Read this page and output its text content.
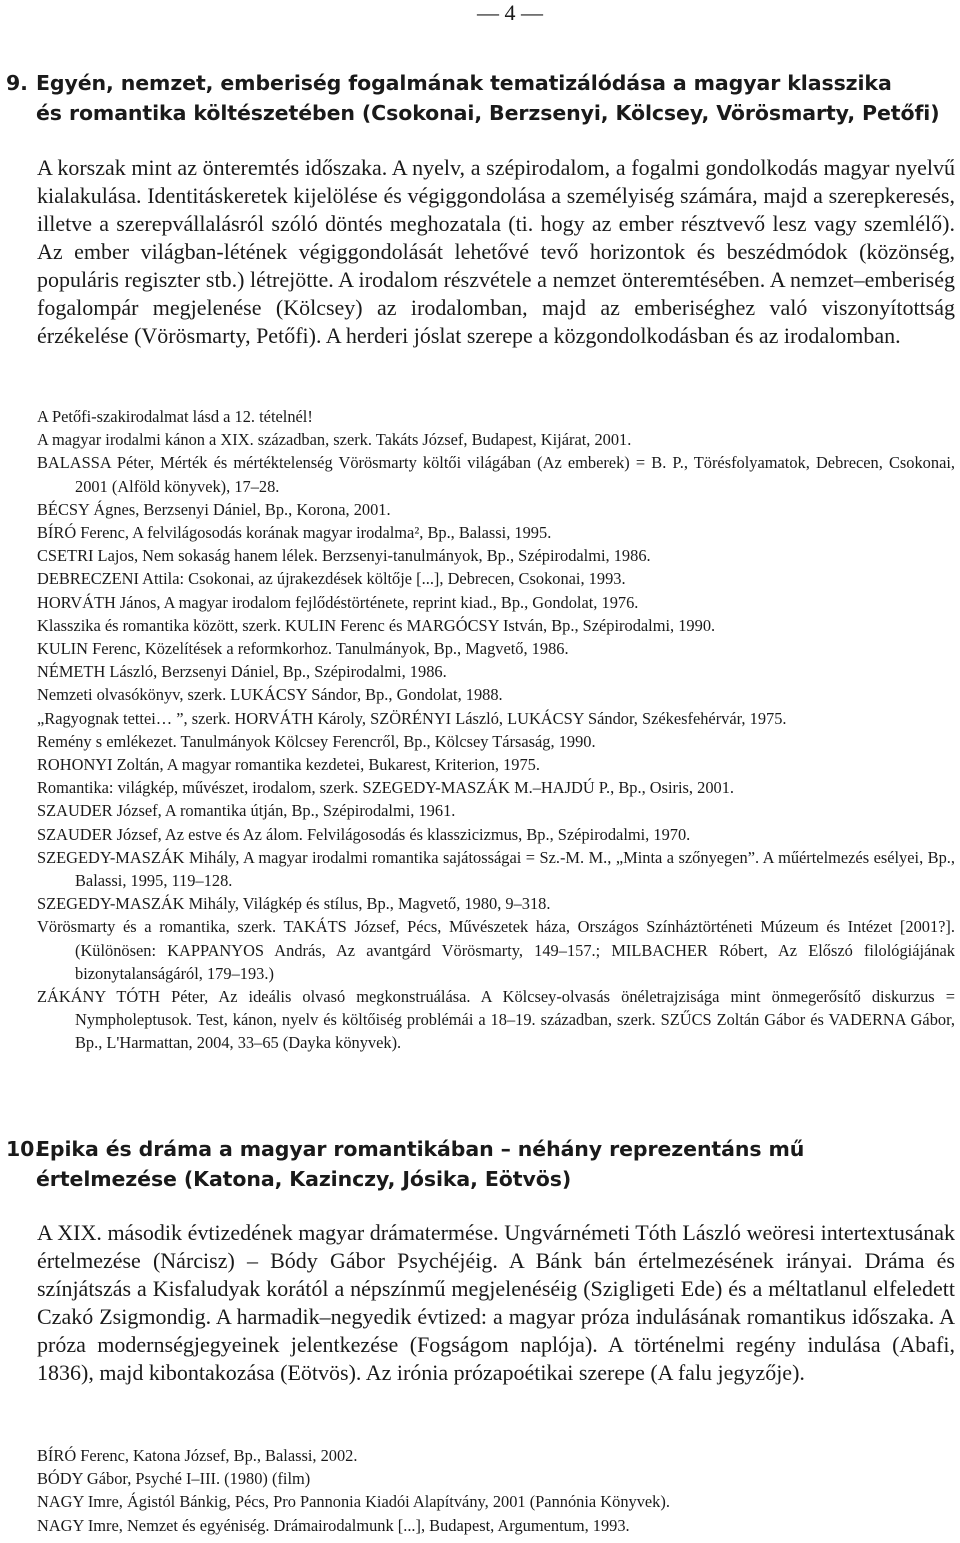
— 4 —
9. Egyén, nemzet, emberiség fogalmának tematizálódása a magyar klasszika
és romantika költészetében (Csokonai, Berzsenyi, Kölcsey, Vörösmarty, Petőfi)
A korszak mint az önteremtés időszaka. A nyelv, a szépirodalom, a fogalmi gondolkodás magyar nyelvű kialakulása. Identitáskeretek kijelölése és végiggondolása a személyiség számára, majd a szerepkeresés, illetve a szerepvállalásról szóló döntés meghozatala (ti. hogy az ember résztvevő lesz vagy szemlélő). Az ember világban-létének végiggondolását lehetővé tevő horizontok és beszédmódok (közönség, populáris regiszter stb.) létrejötte. A irodalom részvétele a nemzet önteremtésében. A nemzet–emberiség fogalompár megjelenése (Kölcsey) az irodalomban, majd az emberiséghez való viszonyítottság érzékelése (Vörösmarty, Petőfi). A herderi jóslat szerepe a közgondolkodásban és az irodalomban.
A Petőfi-szakirodalmat lásd a 12. tételnél!
A magyar irodalmi kánon a XIX. században, szerk. Takáts József, Budapest, Kijárat, 2001.
BALASSA Péter, Mérték és mértéktelenség Vörösmarty költői világában (Az emberek) = B. P., Törésfolyamatok, Debrecen, Csokonai, 2001 (Alföld könyvek), 17–28.
BÉCSY Ágnes, Berzsenyi Dániel, Bp., Korona, 2001.
BÍRÓ Ferenc, A felvilágosodás korának magyar irodalma², Bp., Balassi, 1995.
CSETRI Lajos, Nem sokaság hanem lélek. Berzsenyi-tanulmányok, Bp., Szépirodalmi, 1986.
DEBRECZENI Attila: Csokonai, az újrakezdések költője [...], Debrecen, Csokonai, 1993.
HORVÁTH János, A magyar irodalom fejlődéstörténete, reprint kiad., Bp., Gondolat, 1976.
Klasszika és romantika között, szerk. KULIN Ferenc és MARGÓCSY István, Bp., Szépirodalmi, 1990.
KULIN Ferenc, Közelítések a reformkorhoz. Tanulmányok, Bp., Magvető, 1986.
NÉMETH László, Berzsenyi Dániel, Bp., Szépirodalmi, 1986.
Nemzeti olvasókönyv, szerk. LUKÁCSY Sándor, Bp., Gondolat, 1988.
„Ragyognak tettei… ”, szerk. HORVÁTH Károly, SZÖRÉNYI László, LUKÁCSY Sándor, Székesfehérvár, 1975.
Remény s emlékezet. Tanulmányok Kölcsey Ferencről, Bp., Kölcsey Társaság, 1990.
ROHONYI Zoltán, A magyar romantika kezdetei, Bukarest, Kriterion, 1975.
Romantika: világkép, művészet, irodalom, szerk. SZEGEDY-MASZÁK M.–HAJDÚ P., Bp., Osiris, 2001.
SZAUDER József, A romantika útján, Bp., Szépirodalmi, 1961.
SZAUDER József, Az estve és Az álom. Felvilágosodás és klasszicizmus, Bp., Szépirodalmi, 1970.
SZEGEDY-MASZÁK Mihály, A magyar irodalmi romantika sajátosságai = Sz.-M. M., „Minta a szőnyegen”. A műértelmezés esélyei, Bp., Balassi, 1995, 119–128.
SZEGEDY-MASZÁK Mihály, Világkép és stílus, Bp., Magvető, 1980, 9–318.
Vörösmarty és a romantika, szerk. TAKÁTS József, Pécs, Művészetek háza, Országos Színháztörténeti Múzeum és Intézet [2001?]. (Különösen: KAPPANYOS András, Az avantgárd Vörösmarty, 149–157.; MILBACHER Róbert, Az Előszó filológiájának bizonytalanságáról, 179–193.)
ZÁKÁNY TÓTH Péter, Az ideális olvasó megkonstruálása. A Kölcsey-olvasás önéletrajzisága mint önmegerősítő diskurzus = Nympholeptusok. Test, kánon, nyelv és költőiség problémái a 18–19. században, szerk. SZŰCS Zoltán Gábor és VADERNA Gábor, Bp., L'Harmattan, 2004, 33–65 (Dayka könyvek).
10.
Epika és dráma a magyar romantikában – néhány reprezentáns mű
értelmezése (Katona, Kazinczy, Jósika, Eötvös)
A XIX. második évtizedének magyar drámatermése. Ungvárnémeti Tóth László weöresi intertextusának értelmezése (Nárcisz) – Bódy Gábor Psychéjéig. A Bánk bán értelmezésének irányai. Dráma és színjátszás a Kisfaludyak korától a népszínmű megjelenéséig (Szigligeti Ede) és a méltatlanul elfeledett Czakó Zsigmondig. A harmadik–negyedik évtized: a magyar próza indulásának romantikus időszaka. A próza modernségjegyeinek jelentkezése (Fogságom naplója). A történelmi regény indulása (Abafi, 1836), majd kibontakozása (Eötvös). Az irónia prózapoétikai szerepe (A falu jegyzője).
BÍRÓ Ferenc, Katona József, Bp., Balassi, 2002.
BÓDY Gábor, Psyché I–III. (1980) (film)
NAGY Imre, Ágistól Bánkig, Pécs, Pro Pannonia Kiadói Alapítvány, 2001 (Pannónia Könyvek).
NAGY Imre, Nemzet és egyéniség. Drámairodalmunk [...], Budapest, Argumentum, 1993.
